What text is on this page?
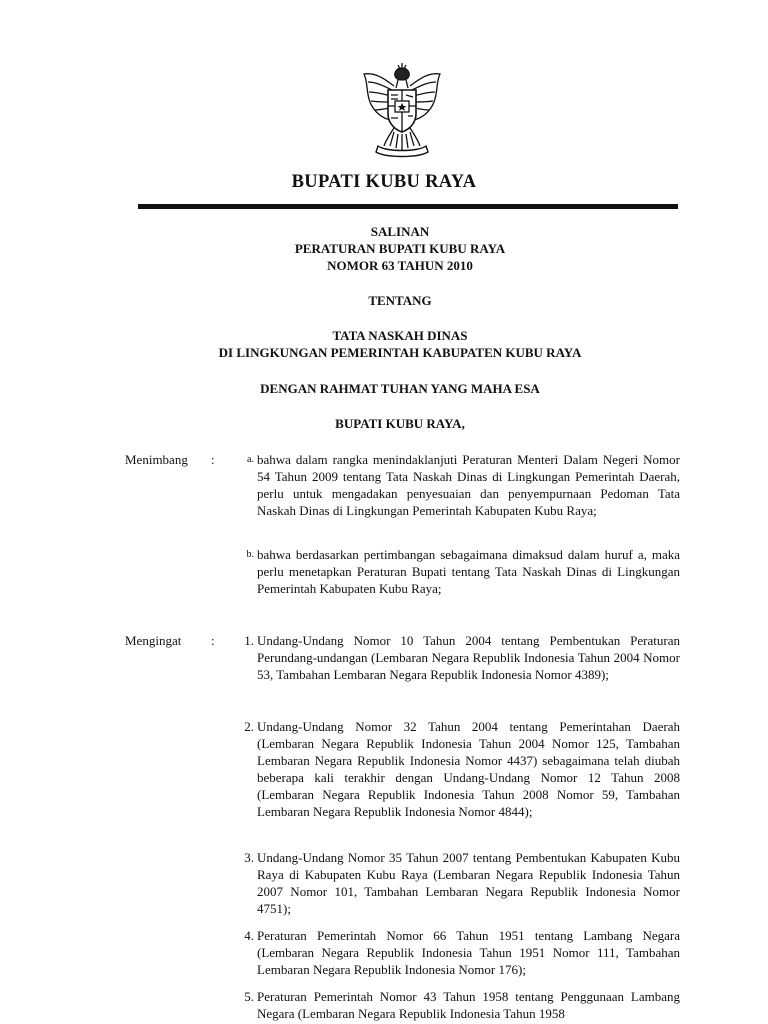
BUPATI KUBU RAYA
SALINAN
PERATURAN BUPATI KUBU RAYA
NOMOR 63 TAHUN 2010
TENTANG
TATA NASKAH DINAS
DI LINGKUNGAN PEMERINTAH KABUPATEN KUBU RAYA
DENGAN RAHMAT TUHAN YANG MAHA ESA
BUPATI KUBU RAYA,
Menimbang :	a. bahwa dalam rangka menindaklanjuti Peraturan Menteri Dalam Negeri Nomor 54 Tahun 2009 tentang Tata Naskah Dinas di Lingkungan Pemerintah Daerah, perlu untuk mengadakan penyesuaian dan penyempurnaan Pedoman Tata Naskah Dinas di Lingkungan Pemerintah Kabupaten Kubu Raya;
b. bahwa berdasarkan pertimbangan sebagaimana dimaksud dalam huruf a, maka perlu menetapkan Peraturan Bupati tentang Tata Naskah Dinas di Lingkungan Pemerintah Kabupaten Kubu Raya;
Mengingat :	1. Undang-Undang Nomor 10 Tahun 2004 tentang Pembentukan Peraturan Perundang-undangan (Lembaran Negara Republik Indonesia Tahun 2004 Nomor 53, Tambahan Lembaran Negara Republik Indonesia Nomor 4389);
2. Undang-Undang Nomor 32 Tahun 2004 tentang Pemerintahan Daerah (Lembaran Negara Republik Indonesia Tahun 2004 Nomor 125, Tambahan Lembaran Negara Republik Indonesia Nomor 4437) sebagaimana telah diubah beberapa kali terakhir dengan Undang-Undang Nomor 12 Tahun 2008 (Lembaran Negara Republik Indonesia Tahun 2008 Nomor 59, Tambahan Lembaran Negara Republik Indonesia Nomor 4844);
3. Undang-Undang Nomor 35 Tahun 2007 tentang Pembentukan Kabupaten Kubu Raya di Kabupaten Kubu Raya (Lembaran Negara Republik Indonesia Tahun 2007 Nomor 101, Tambahan Lembaran Negara Republik Indonesia Nomor 4751);
4. Peraturan Pemerintah Nomor 66 Tahun 1951 tentang Lambang Negara (Lembaran Negara Republik Indonesia Tahun 1951 Nomor 111, Tambahan Lembaran Negara Republik Indonesia Nomor 176);
5. Peraturan Pemerintah Nomor 43 Tahun 1958 tentang Penggunaan Lambang Negara (Lembaran Negara Republik Indonesia Tahun 1958
